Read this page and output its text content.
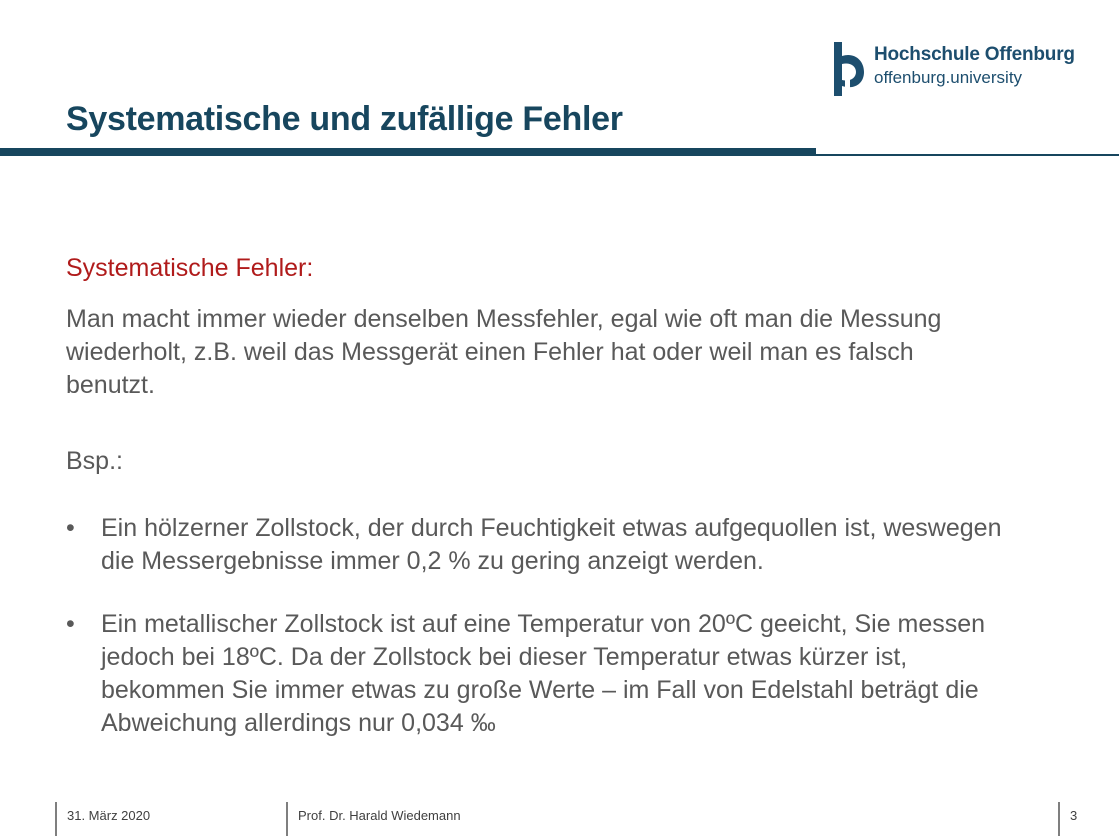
Hochschule Offenburg
offenburg.university
Systematische und zufällige Fehler
Systematische Fehler:

Man macht immer wieder denselben Messfehler, egal wie oft man die Messung wiederholt, z.B. weil das Messgerät einen Fehler hat oder weil man es falsch benutzt.

Bsp.:
•	Ein hölzerner Zollstock, der durch Feuchtigkeit etwas aufgequollen ist, weswegen die Messergebnisse immer 0,2 % zu gering anzeigt werden.
•	Ein metallischer Zollstock ist auf eine Temperatur von 20ºC geeicht, Sie messen jedoch bei 18ºC. Da der Zollstock bei dieser Temperatur etwas kürzer ist, bekommen Sie immer etwas zu große Werte – im Fall von Edelstahl beträgt die Abweichung allerdings nur 0,034 ‰
31. März 2020	Prof. Dr. Harald Wiedemann	3
